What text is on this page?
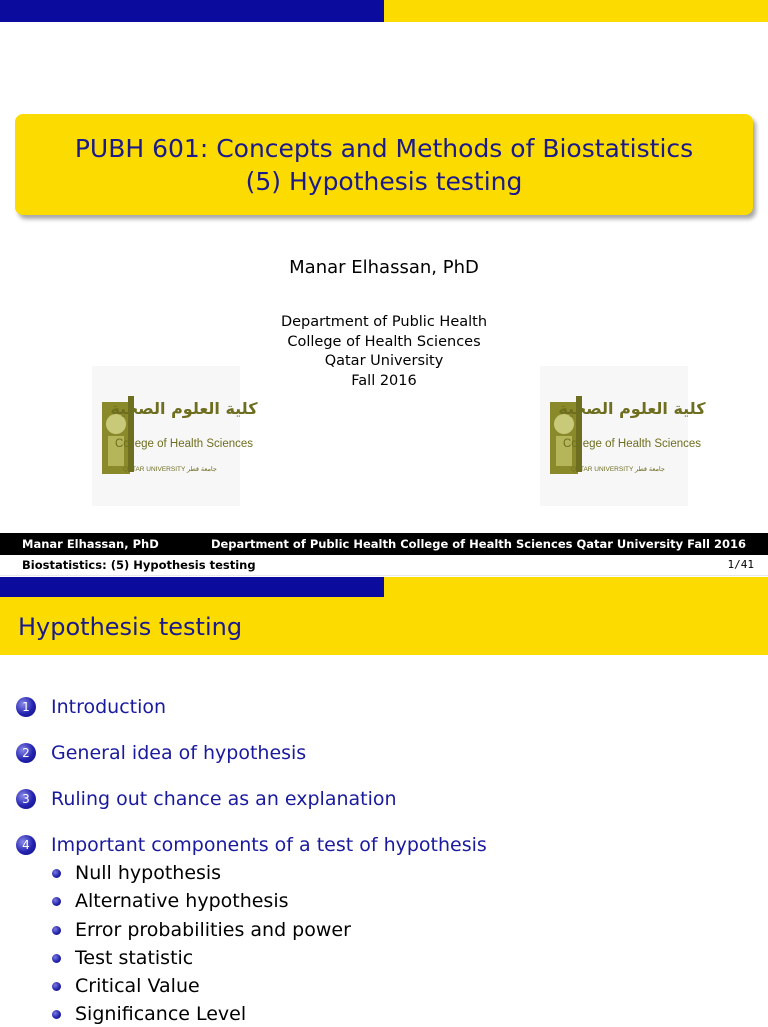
PUBH 601: Concepts and Methods of Biostatistics
(5) Hypothesis testing
Manar Elhassan, PhD
Department of Public Health
College of Health Sciences
Qatar University
Fall 2016
كلية العلوم الصحية
College of Health Sciences
QATAR UNIVERSITY جامعة قطر
كلية العلوم الصحية
College of Health Sciences
QATAR UNIVERSITY جامعة قطر
Manar Elhassan, PhD	Department of Public Health College of Health Sciences Qatar University Fall 2016
Biostatistics: (5) Hypothesis testing	1/41
Hypothesis testing
1	Introduction
2	General idea of hypothesis
3	Ruling out chance as an explanation
4	Important components of a test of hypothesis
Null hypothesis
Alternative hypothesis
Error probabilities and power
Test statistic
Critical Value
Significance Level
